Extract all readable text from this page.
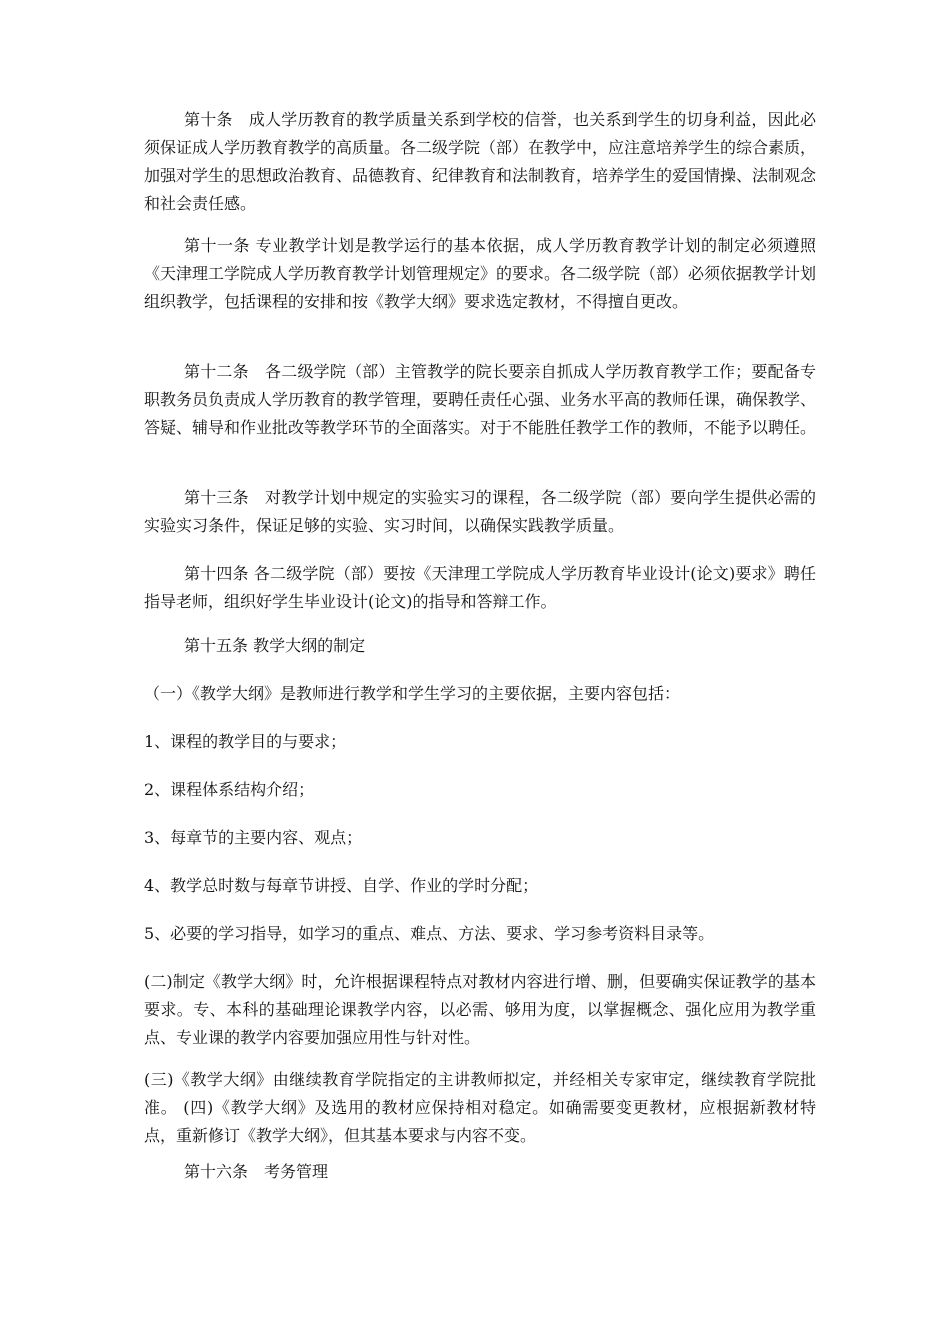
第十条　成人学历教育的教学质量关系到学校的信誉，也关系到学生的切身利益，因此必须保证成人学历教育教学的高质量。各二级学院（部）在教学中，应注意培养学生的综合素质，加强对学生的思想政治教育、品德教育、纪律教育和法制教育，培养学生的爱国情操、法制观念和社会责任感。

第十一条 专业教学计划是教学运行的基本依据，成人学历教育教学计划的制定必须遵照《天津理工学院成人学历教育教学计划管理规定》的要求。各二级学院（部）必须依据教学计划组织教学，包括课程的安排和按《教学大纲》要求选定教材，不得擅自更改。

第十二条　各二级学院（部）主管教学的院长要亲自抓成人学历教育教学工作；要配备专职教务员负责成人学历教育的教学管理，要聘任责任心强、业务水平高的教师任课，确保教学、答疑、辅导和作业批改等教学环节的全面落实。对于不能胜任教学工作的教师，不能予以聘任。

第十三条　对教学计划中规定的实验实习的课程，各二级学院（部）要向学生提供必需的实验实习条件，保证足够的实验、实习时间，以确保实践教学质量。

第十四条 各二级学院（部）要按《天津理工学院成人学历教育毕业设计(论文)要求》聘任指导老师，组织好学生毕业设计(论文)的指导和答辩工作。

第十五条 教学大纲的制定

（一）《教学大纲》是教师进行教学和学生学习的主要依据，主要内容包括：

1、课程的教学目的与要求；

2、课程体系结构介绍；

3、每章节的主要内容、观点；

4、教学总时数与每章节讲授、自学、作业的学时分配；

5、必要的学习指导，如学习的重点、难点、方法、要求、学习参考资料目录等。

(二)制定《教学大纲》时，允许根据课程特点对教材内容进行增、删，但要确实保证教学的基本要求。专、本科的基础理论课教学内容，以必需、够用为度，以掌握概念、强化应用为教学重点、专业课的教学内容要加强应用性与针对性。

(三)《教学大纲》由继续教育学院指定的主讲教师拟定，并经相关专家审定，继续教育学院批准。 (四)《教学大纲》及选用的教材应保持相对稳定。如确需要变更教材，应根据新教材特点，重新修订《教学大纲》，但其基本要求与内容不变。

第十六条　考务管理
